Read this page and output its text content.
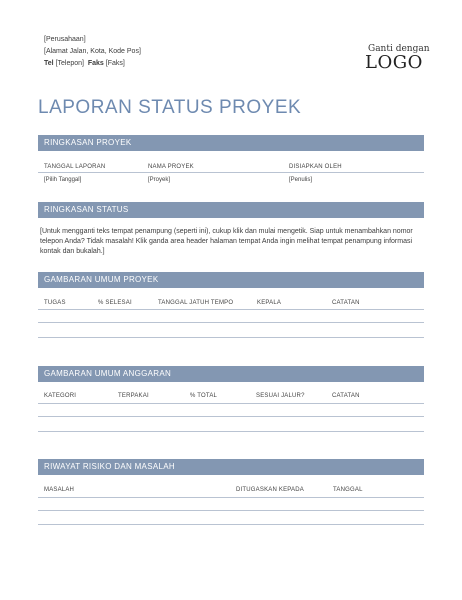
[Perusahaan]
[Alamat Jalan, Kota, Kode Pos]
Tel [Telepon] Faks [Faks]
Ganti dengan
LOGO
LAPORAN STATUS PROYEK
RINGKASAN PROYEK
TANGGAL LAPORAN	NAMA PROYEK	DISIAPKAN OLEH
[Pilih Tanggal]	[Proyek]	[Penulis]
RINGKASAN STATUS
[Untuk mengganti teks tempat penampung (seperti ini), cukup klik dan mulai mengetik. Siap untuk menambahkan nomor telepon Anda? Tidak masalah! Klik ganda area header halaman tempat Anda ingin melihat tempat penampung informasi kontak dan bukalah.]
GAMBARAN UMUM PROYEK
TUGAS	% SELESAI	TANGGAL JATUH TEMPO	KEPALA	CATATAN
GAMBARAN UMUM ANGGARAN
KATEGORI	TERPAKAI	% TOTAL	SESUAI JALUR?	CATATAN
RIWAYAT RISIKO DAN MASALAH
MASALAH	DITUGASKAN KEPADA	TANGGAL
